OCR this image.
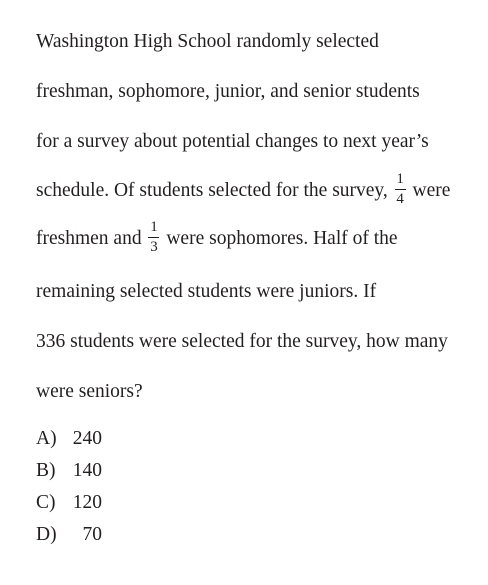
Washington High School randomly selected
freshman, sophomore, junior, and senior students
for a survey about potential changes to next year’s
schedule. Of students selected for the survey, $\frac{1}{4}$ were
freshmen and $\frac{1}{3}$ were sophomores. Half of the
remaining selected students were juniors. If
336 students were selected for the survey, how many
were seniors?
A) 240
B) 140
C) 120
D) 70
